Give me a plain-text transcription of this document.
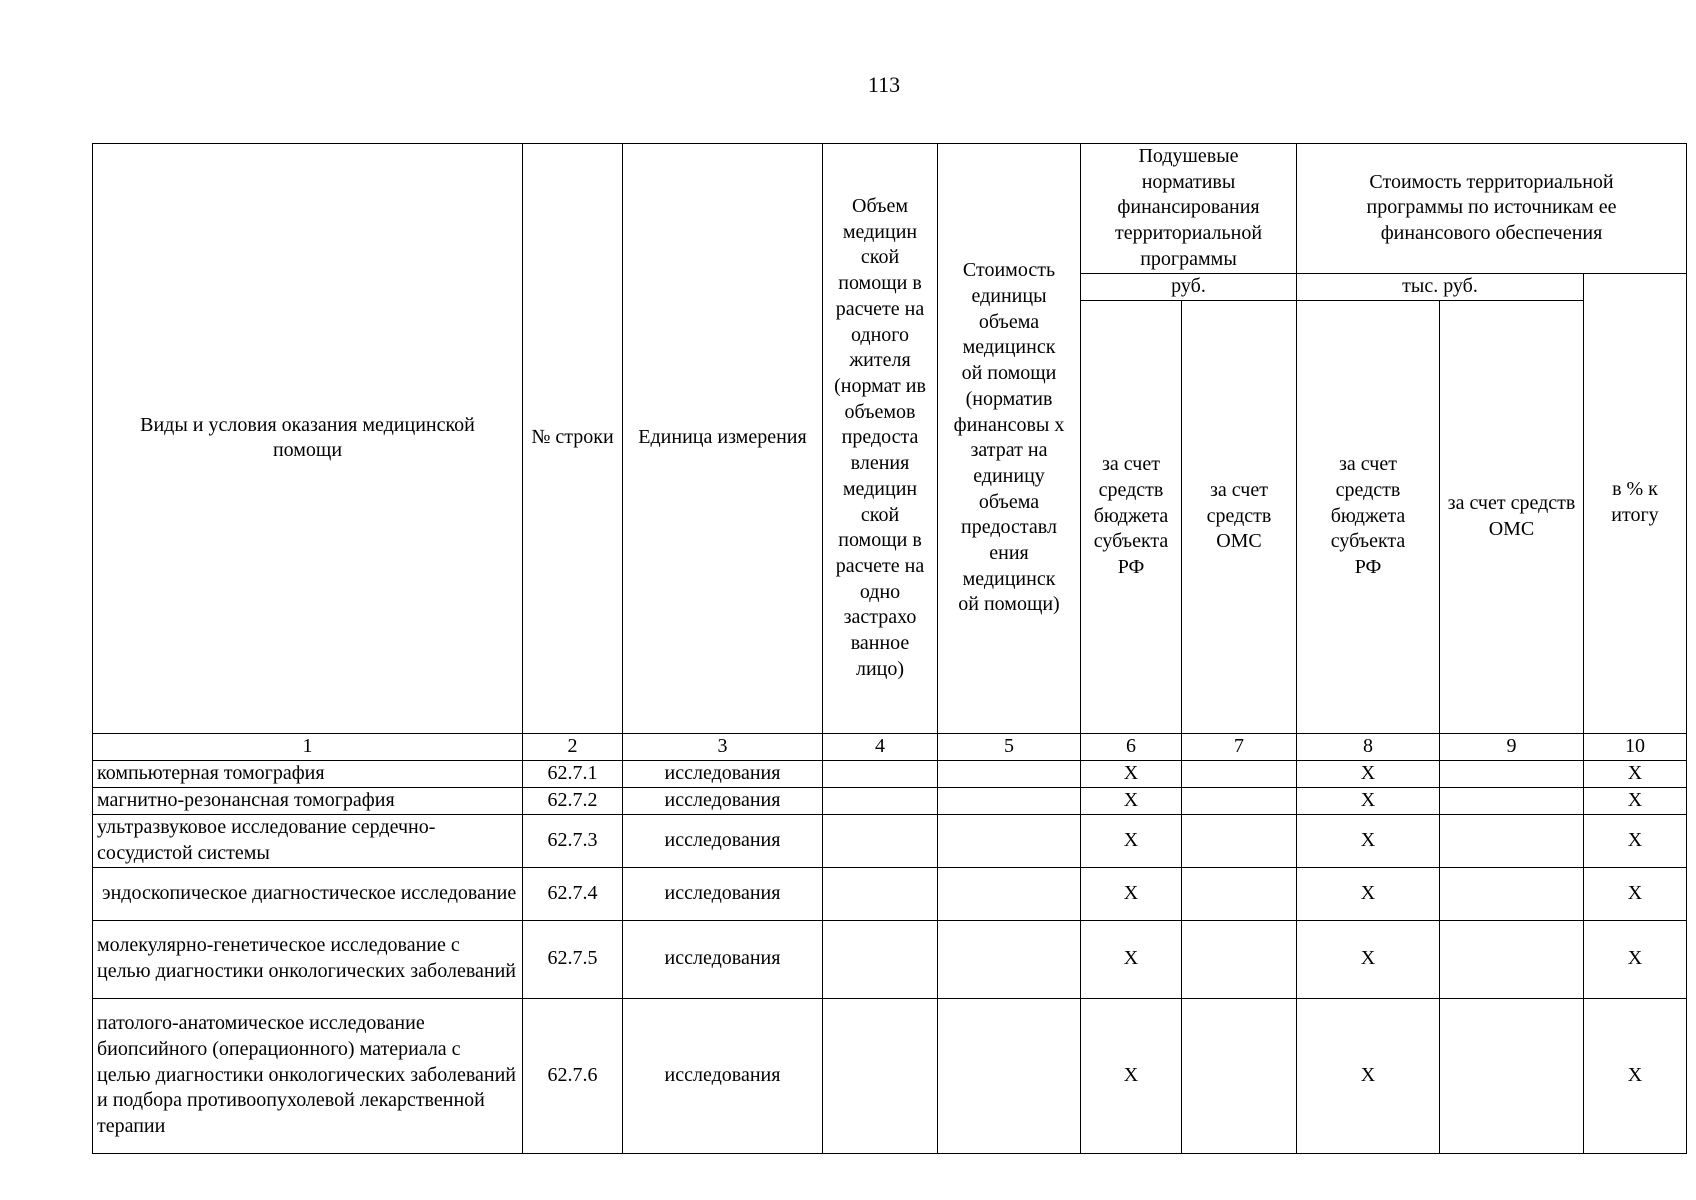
113
Виды и условия оказания медицинской помощи	№ строки	Единица измерения	Объем медицин ской помощи в расчете на одного жителя (нормат ив объемов предоста вления медицин ской помощи в расчете на одно застрахо ванное лицо)	Стоимость единицы объема медицинск ой помощи (норматив финансовы х затрат на единицу объема предоставл ения медицинск ой помощи)	Подушевые нормативы финансирования территориальной программы		Стоимость территориальной программы по источникам ее финансового обеспечения		
					руб.		тыс. руб.		в % к итогу
					за счет средств бюджета субъекта РФ	за счет средств ОМС	за счет средств бюджета субъекта РФ	за счет средств ОМС	
1	2	3	4	5	6	7	8	9	10
компьютерная томография	62.7.1	исследования			Х		Х		Х
магнитно-резонансная томография	62.7.2	исследования			Х		Х		Х
ультразвуковое исследование сердечно-сосудистой системы	62.7.3	исследования			Х		Х		Х
эндоскопическое диагностическое исследование	62.7.4	исследования			Х		Х		Х
молекулярно-генетическое исследование с целью диагностики онкологических заболеваний	62.7.5	исследования			Х		Х		Х
патолого-анатомическое исследование биопсийного (операционного) материала с целью диагностики онкологических заболеваний и подбора противоопухолевой лекарственной терапии	62.7.6	исследования			Х		Х		Х
